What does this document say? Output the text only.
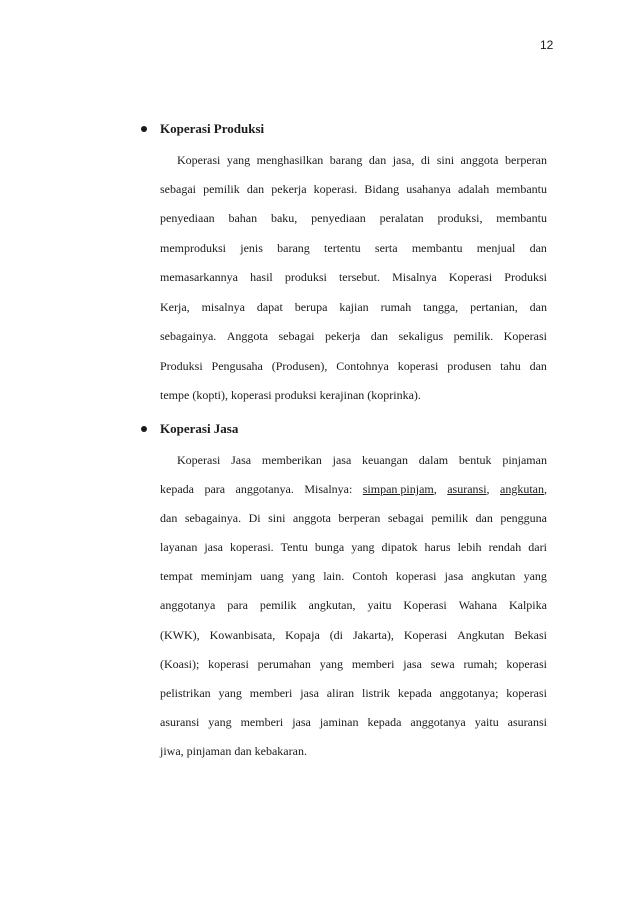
12
Koperasi Produksi
Koperasi yang menghasilkan barang dan jasa, di sini anggota berperan
sebagai pemilik dan pekerja koperasi. Bidang usahanya adalah membantu
penyediaan bahan baku, penyediaan peralatan produksi, membantu
memproduksi jenis barang tertentu serta membantu menjual dan
memasarkannya hasil produksi tersebut. Misalnya Koperasi Produksi
Kerja, misalnya dapat berupa kajian rumah tangga, pertanian, dan
sebagainya. Anggota sebagai pekerja dan sekaligus pemilik. Koperasi
Produksi Pengusaha (Produsen), Contohnya koperasi produsen tahu dan
tempe (kopti), koperasi produksi kerajinan (koprinka).
Koperasi Jasa
Koperasi Jasa memberikan jasa keuangan dalam bentuk pinjaman
kepada para anggotanya. Misalnya: simpan pinjam, asuransi, angkutan,
dan sebagainya. Di sini anggota berperan sebagai pemilik dan pengguna
layanan jasa koperasi. Tentu bunga yang dipatok harus lebih rendah dari
tempat meminjam uang yang lain. Contoh koperasi jasa angkutan yang
anggotanya para pemilik angkutan, yaitu Koperasi Wahana Kalpika
(KWK), Kowanbisata, Kopaja (di Jakarta), Koperasi Angkutan Bekasi
(Koasi); koperasi perumahan yang memberi jasa sewa rumah; koperasi
pelistrikan yang memberi jasa aliran listrik kepada anggotanya; koperasi
asuransi yang memberi jasa jaminan kepada anggotanya yaitu asuransi
jiwa, pinjaman dan kebakaran.
